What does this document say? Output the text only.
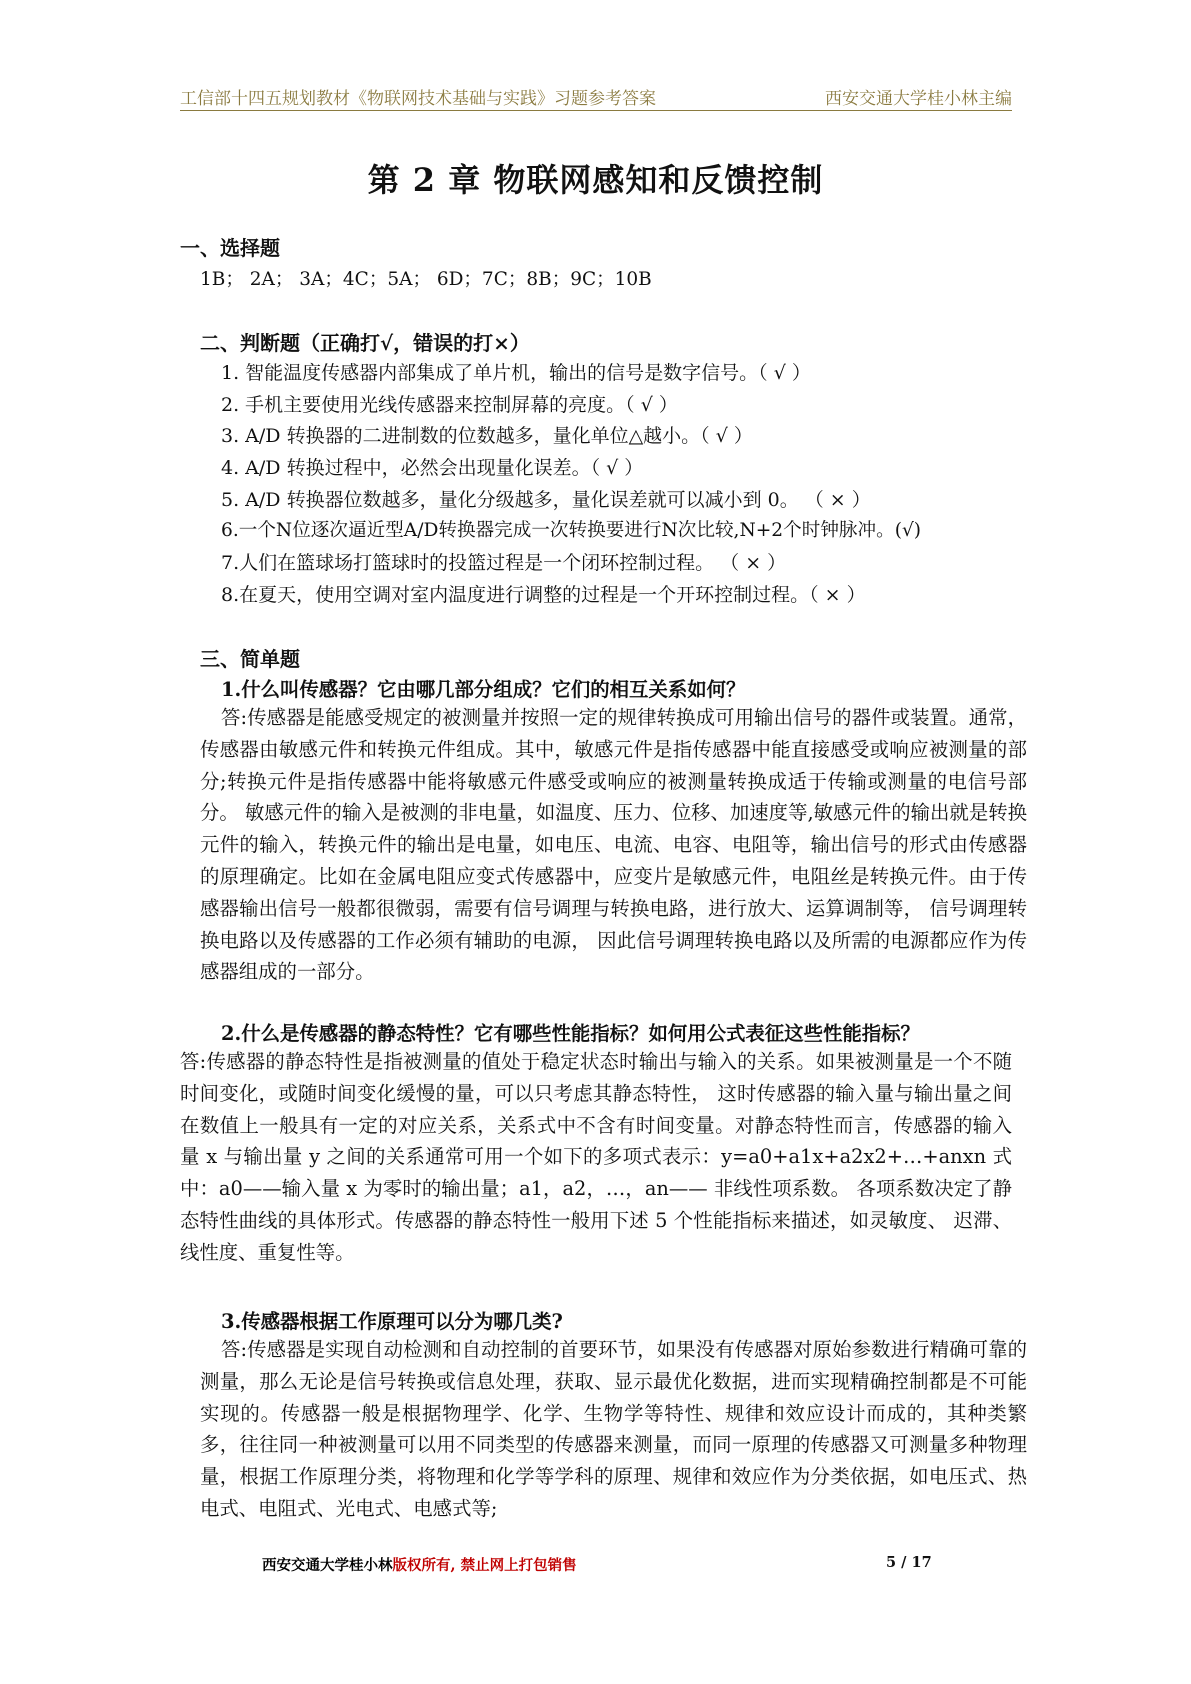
工信部十四五规划教材《物联网技术基础与实践》习题参考答案	西安交通大学桂小林主编
第 2 章 物联网感知和反馈控制
一、选择题
1B； 2A； 3A；4C；5A； 6D；7C；8B；9C；10B
二、判断题（正确打√，错误的打×）
1. 智能温度传感器内部集成了单片机，输出的信号是数字信号。（ √ ）
2. 手机主要使用光线传感器来控制屏幕的亮度。（ √ ）
3. A/D 转换器的二进制数的位数越多，量化单位△越小。（ √ ）
4. A/D 转换过程中，必然会出现量化误差。（ √ ）
5. A/D 转换器位数越多，量化分级越多，量化误差就可以减小到 0。 （ × ）
6.一个N位逐次逼近型A/D转换器完成一次转换要进行N次比较,N+2个时钟脉冲。(√)
7.人们在篮球场打篮球时的投篮过程是一个闭环控制过程。 （ × ）
8.在夏天，使用空调对室内温度进行调整的过程是一个开环控制过程。（ × ）
三、简单题
1.什么叫传感器？它由哪几部分组成？它们的相互关系如何？
答:传感器是能感受规定的被测量并按照一定的规律转换成可用输出信号的器件或装置。通常，传感器由敏感元件和转换元件组成。其中，敏感元件是指传感器中能直接感受或响应被测量的部分;转换元件是指传感器中能将敏感元件感受或响应的被测量转换成适于传输或测量的电信号部分。 敏感元件的输入是被测的非电量，如温度、压力、位移、加速度等,敏感元件的输出就是转换元件的输入，转换元件的输出是电量，如电压、电流、电容、电阻等，输出信号的形式由传感器的原理确定。比如在金属电阻应变式传感器中，应变片是敏感元件，电阻丝是转换元件。由于传感器输出信号一般都很微弱，需要有信号调理与转换电路，进行放大、运算调制等， 信号调理转换电路以及传感器的工作必须有辅助的电源， 因此信号调理转换电路以及所需的电源都应作为传感器组成的一部分。
2.什么是传感器的静态特性？它有哪些性能指标？如何用公式表征这些性能指标？
答:传感器的静态特性是指被测量的值处于稳定状态时输出与输入的关系。如果被测量是一个不随时间变化，或随时间变化缓慢的量，可以只考虑其静态特性， 这时传感器的输入量与输出量之间在数值上一般具有一定的对应关系，关系式中不含有时间变量。对静态特性而言，传感器的输入量 x 与输出量 y 之间的关系通常可用一个如下的多项式表示：y=a0+a1x+a2x2+…+anxn 式中：a0——输入量 x 为零时的输出量；a1，a2，…，an—— 非线性项系数。 各项系数决定了静态特性曲线的具体形式。传感器的静态特性一般用下述 5 个性能指标来描述，如灵敏度、 迟滞、线性度、重复性等。
3.传感器根据工作原理可以分为哪几类?
答:传感器是实现自动检测和自动控制的首要环节，如果没有传感器对原始参数进行精确可靠的测量，那么无论是信号转换或信息处理，获取、显示最优化数据，进而实现精确控制都是不可能实现的。传感器一般是根据物理学、化学、生物学等特性、规律和效应设计而成的，其种类繁多，往往同一种被测量可以用不同类型的传感器来测量，而同一原理的传感器又可测量多种物理量，根据工作原理分类，将物理和化学等学科的原理、规律和效应作为分类依据，如电压式、热电式、电阻式、光电式、电感式等;
西安交通大学桂小林版权所有, 禁止网上打包销售	5 / 17
